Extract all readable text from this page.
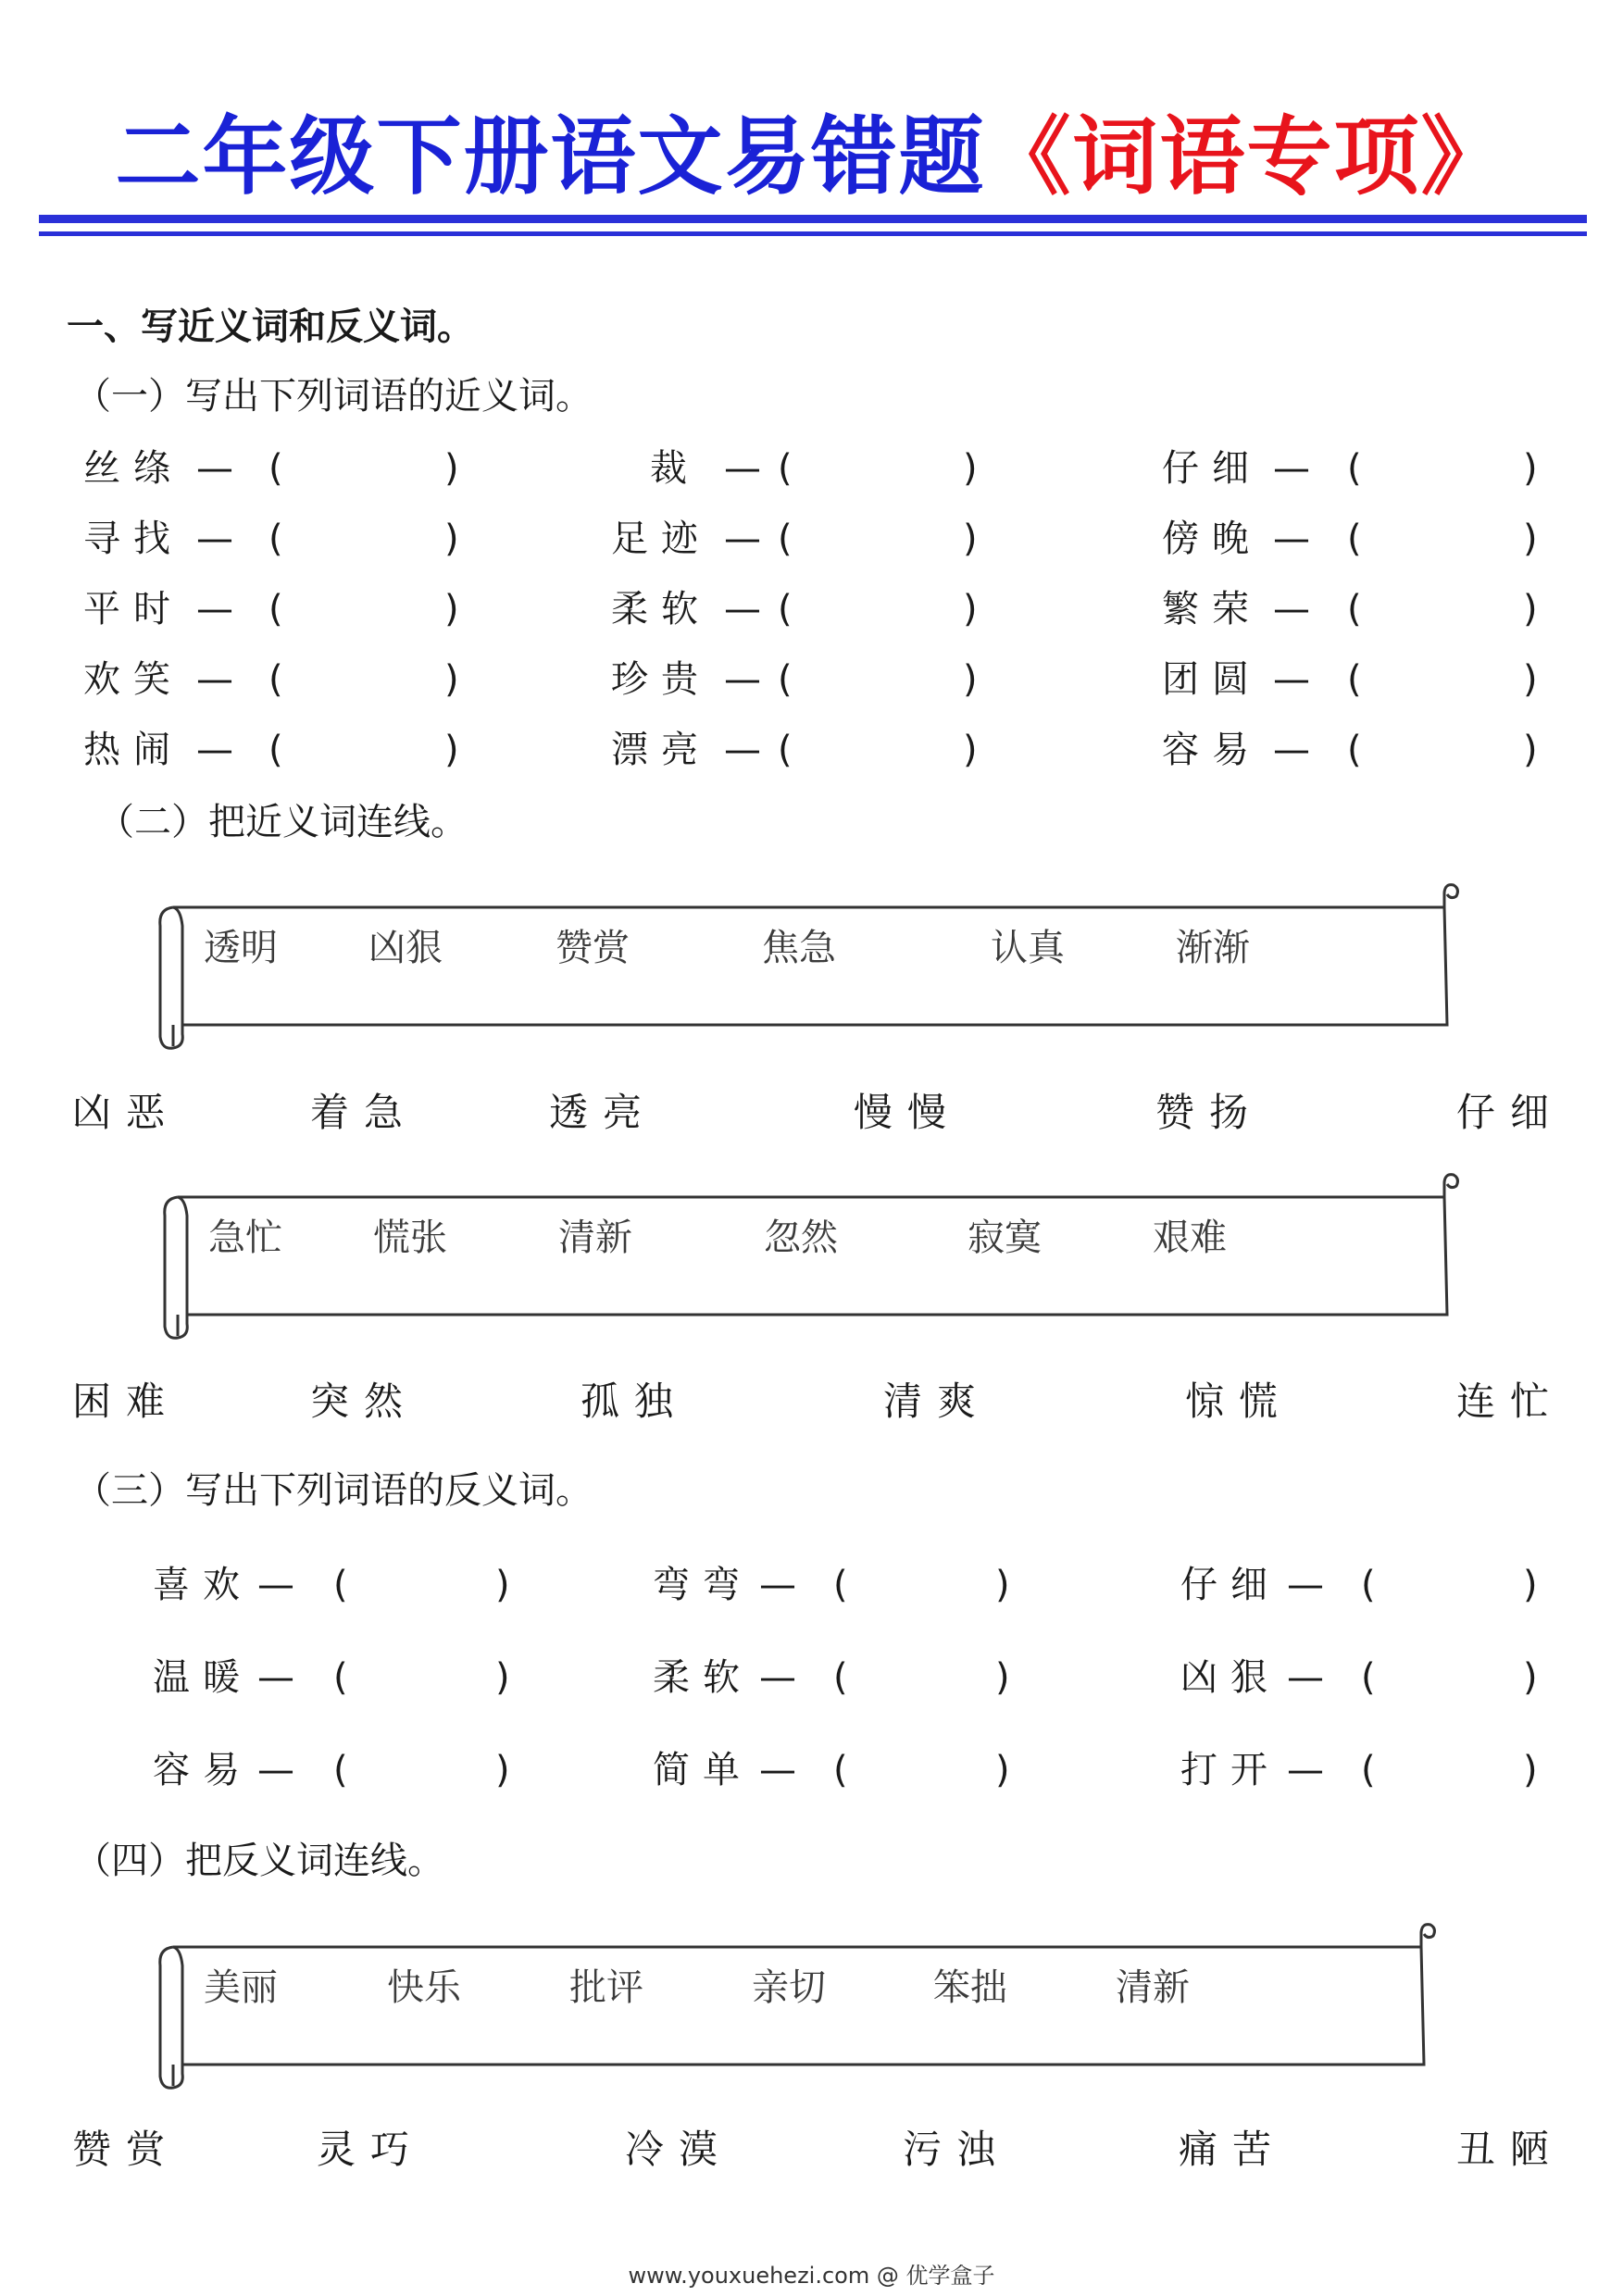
二年级下册语文易错题《词语专项》
一、写近义词和反义词。
（一）写出下列词语的近义词。
丝绦 — (	)	裁 — (	)	仔细 — (	)
寻找 — (	)	足迹 — (	)	傍晚 — (	)
平时 — (	)	柔软 — (	)	繁荣 — (	)
欢笑 — (	)	珍贵 — (	)	团圆 — (	)
热闹 — (	)	漂亮 — (	)	容易 — (	)
（二）把近义词连线。
透明 凶狠	赞赏	焦急	认真	渐渐
凶恶	着急	透亮	慢慢	赞扬	仔细
急忙 慌张	清新	忽然	寂寞	艰难
困难	突然	孤独	清爽	惊慌	连忙
（三）写出下列词语的反义词。
喜欢 — (	)	弯弯 — (	)	仔细 — (	)
温暖 — (	)	柔软 — (	)	凶狠 — (	)
容易 — (	)	简单 — (	)	打开 — (	)
（四）把反义词连线。
美丽	快乐	批评	亲切	笨拙	清新
赞赏	灵巧	冷漠	污浊	痛苦	丑陋
www.youxuehezi.com @ 优学盒子
